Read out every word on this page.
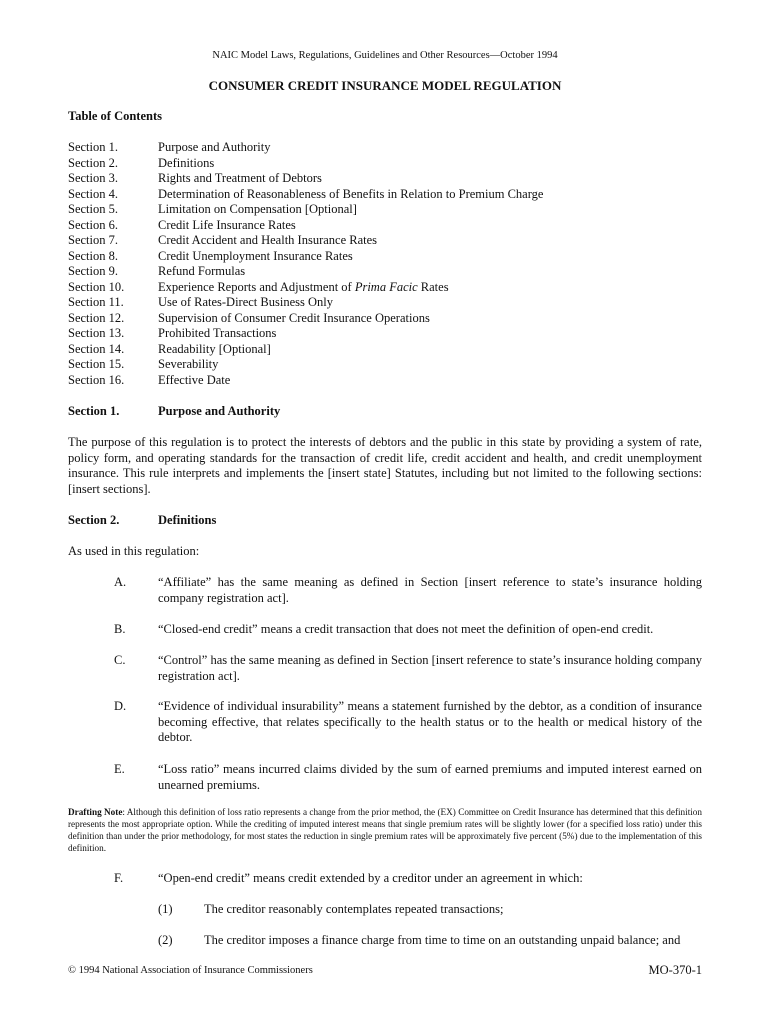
NAIC Model Laws, Regulations, Guidelines and Other Resources—October 1994
CONSUMER CREDIT INSURANCE MODEL REGULATION
Table of Contents
Section 1.	Purpose and Authority
Section 2.	Definitions
Section 3.	Rights and Treatment of Debtors
Section 4.	Determination of Reasonableness of Benefits in Relation to Premium Charge
Section 5.	Limitation on Compensation [Optional]
Section 6.	Credit Life Insurance Rates
Section 7.	Credit Accident and Health Insurance Rates
Section 8.	Credit Unemployment Insurance Rates
Section 9.	Refund Formulas
Section 10.	Experience Reports and Adjustment of Prima Facic Rates
Section 11.	Use of Rates-Direct Business Only
Section 12.	Supervision of Consumer Credit Insurance Operations
Section 13.	Prohibited Transactions
Section 14.	Readability [Optional]
Section 15.	Severability
Section 16.	Effective Date
Section 1.	Purpose and Authority
The purpose of this regulation is to protect the interests of debtors and the public in this state by providing a system of rate, policy form, and operating standards for the transaction of credit life, credit accident and health, and credit unemployment insurance. This rule interprets and implements the [insert state] Statutes, including but not limited to the following sections: [insert sections].
Section 2.	Definitions
As used in this regulation:
A.	“Affiliate” has the same meaning as defined in Section [insert reference to state’s insurance holding company registration act].
B.	“Closed-end credit” means a credit transaction that does not meet the definition of open-end credit.
C.	“Control” has the same meaning as defined in Section [insert reference to state’s insurance holding company registration act].
D.	“Evidence of individual insurability” means a statement furnished by the debtor, as a condition of insurance becoming effective, that relates specifically to the health status or to the health or medical history of the debtor.
E.	“Loss ratio” means incurred claims divided by the sum of earned premiums and imputed interest earned on unearned premiums.
Drafting Note: Although this definition of loss ratio represents a change from the prior method, the (EX) Committee on Credit Insurance has determined that this definition represents the most appropriate option. While the crediting of imputed interest means that single premium rates will be slightly lower (for a specified loss ratio) under this definition than under the prior methodology, for most states the reduction in single premium rates will be approximately five percent (5%) due to the implementation of this definition.
F.	“Open-end credit” means credit extended by a creditor under an agreement in which:
(1)	The creditor reasonably contemplates repeated transactions;
(2)	The creditor imposes a finance charge from time to time on an outstanding unpaid balance; and
© 1994 National Association of Insurance Commissioners	MO-370-1
